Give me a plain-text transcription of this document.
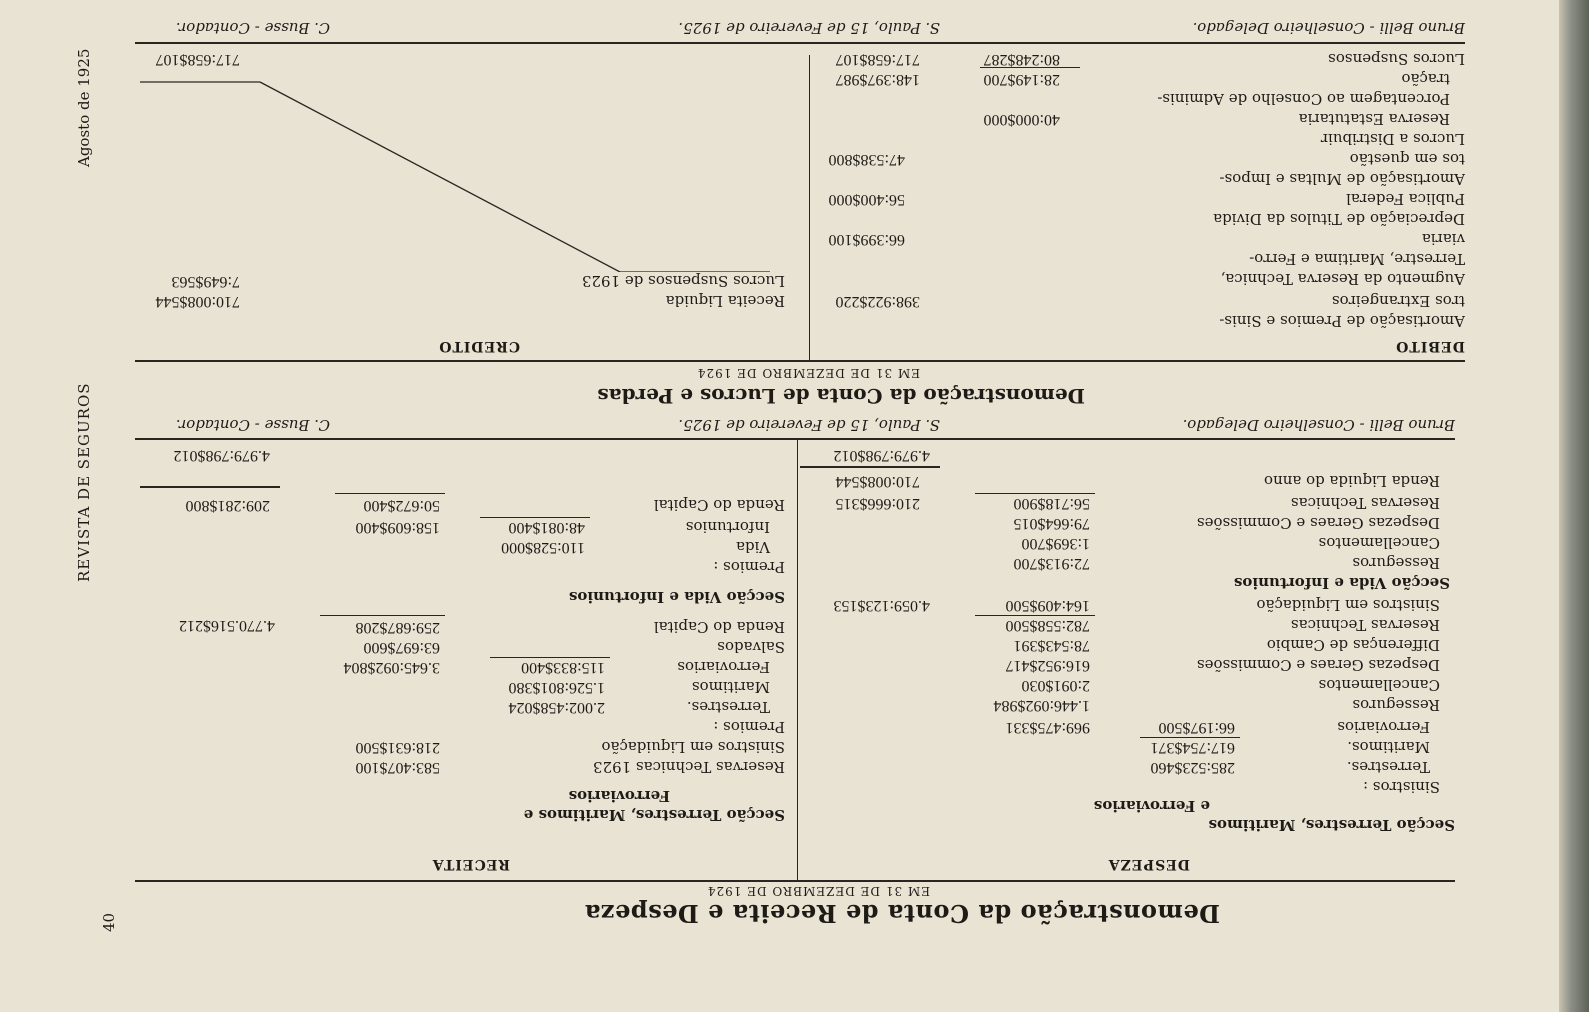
40
REVISTA DE SEGUROS
Agosto de 1925
Demonstração da Conta de Receita e Despeza
EM 31 DE DEZEMBRO DE 1924
DESPEZA
RECEITA
Secção Terrestres, Maritimos
e Ferroviarios
Sinistros :
Terrestres.
285:523$460
Maritimos.
617:754$371
Ferroviarios
66:197$500
969:475$331
Resseguros
1.446:092$984
Cancellamentos
2:091$030
Despezas Geraes e Commissões
616:952$417
Differenças de Cambio
78:543$391
Reservas Technicas
782:558$500
Sinistros em Liquidação
164:409$500
4.059:123$153
Secção Vida e Infortunios
Resseguros
72:913$700
Cancellamentos
1:369$700
Despezas Geraes e Commissões
79:664$015
Reservas Technicas
56:718$900
210:666$315
Renda Liquida do anno
710:008$544
4.979:798$012
Secção Terrestres, Maritimos e
Ferroviarios
Reservas Technicas 1923
583:407$100
Sinistros em Liquidação
218:631$500
Premios :
Terrestres.
2.002:458$024
Maritimos
1.526:801$380
Ferroviarios
115:833$400
3.645:092$804
Salvados
63:697$600
Renda do Capital
259:687$208
4.770.516$212
Secção Vida e Infortunios
Premios :
Vida
110:528$000
Infortunios
48:081$400
158:609$400
Renda do Capital
50:672$400
209:281$800
4.979:798$012
Bruno Belli - Conselheiro Delegado.
S. Paulo, 15 de Fevereiro de 1925.
C. Busse - Contador.
Demonstração da Conta de Lucros e Perdas
EM 31 DE DEZEMBRO DE 1924
DEBITO
CREDITO
Amortisação de Premios e Sinis-
tros Extrangeiros
398:922$220
Augmento da Reserva Technica,
Terrestre, Maritima e Ferro-
viaria
66:399$100
Depreciação de Titulos da Divida
Publica Federal
56:400$000
Amortisação de Multas e Impos-
tos em questão
47:538$800
Lucros a Distribuir
Reserva Estatutaria
40:000$000
Porcentagem ao Conselho de Adminis-
tração
28:149$700
148:397$987
Lucros Suspensos
80:248$287
717:658$107
Receita Liquida
710:008$544
Lucros Suspensos de 1923
7:649$563
717:658$107
Bruno Belli - Conselheiro Delegado.
S. Paulo, 15 de Fevereiro de 1925.
C. Busse - Contador.
